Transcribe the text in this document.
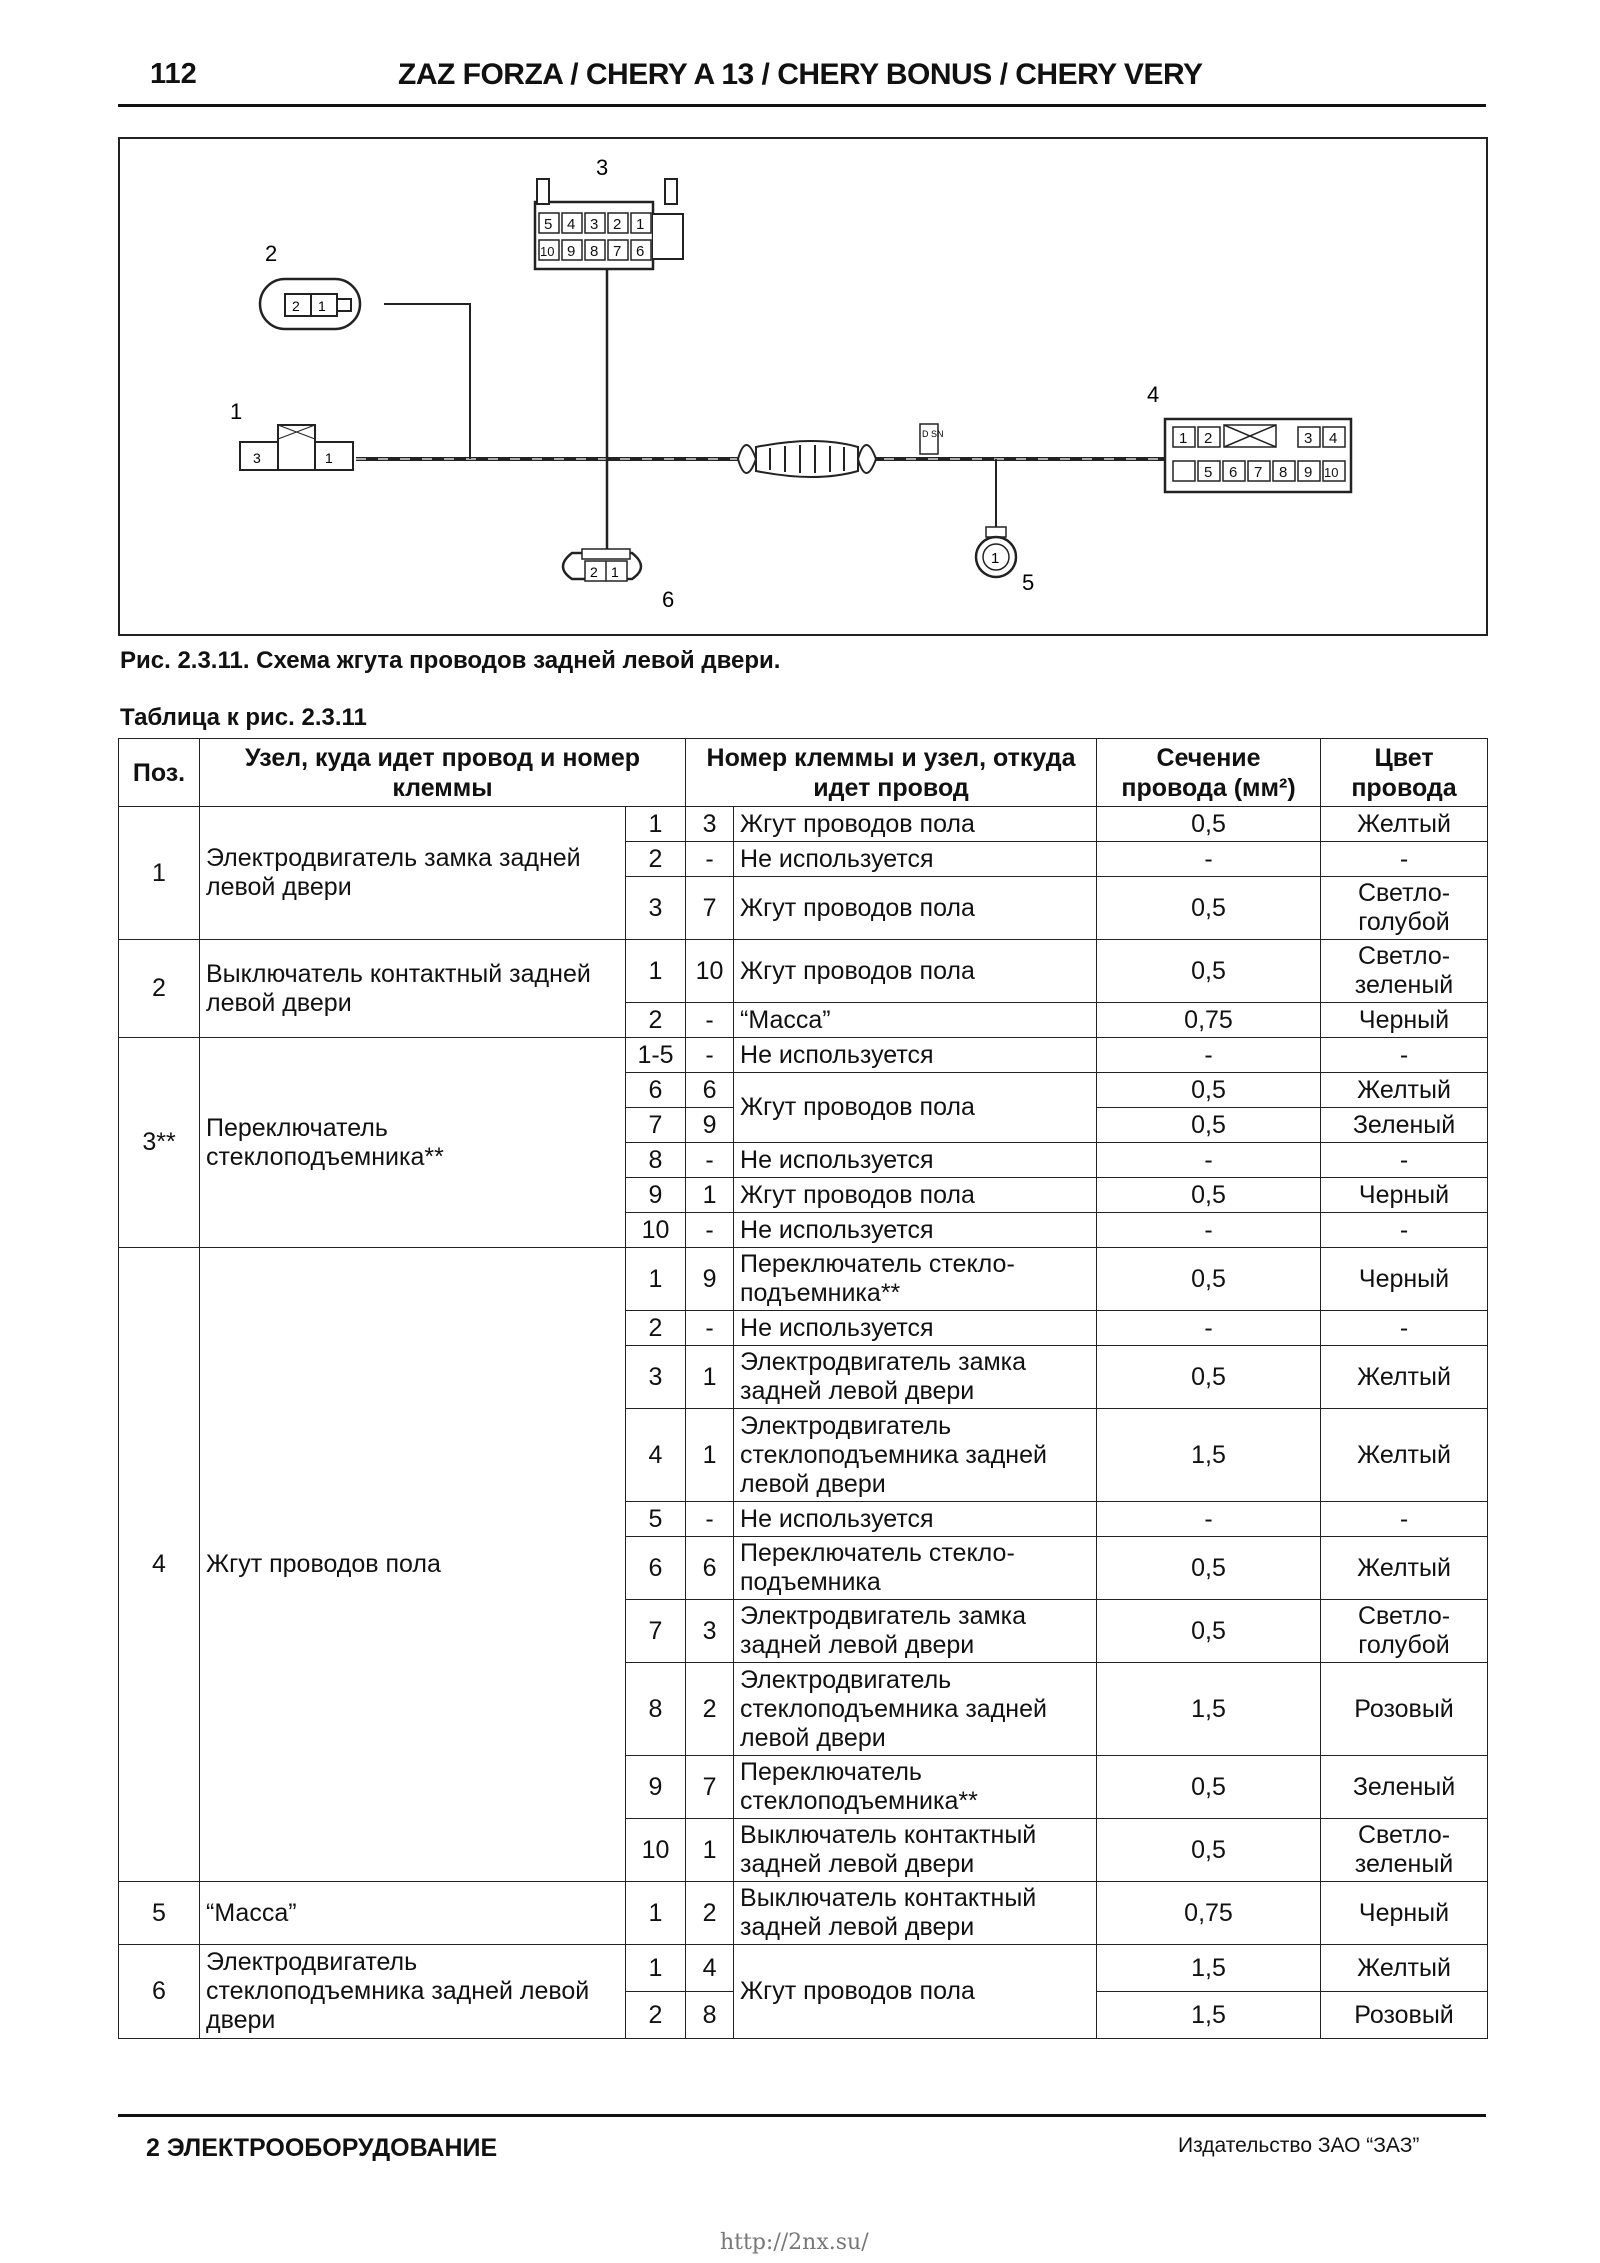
112	ZAZ FORZA / CHERY A 13 / CHERY BONUS / CHERY VERY
3	1
1
2 1
2
5 4 3 2 1
10 9 8 7 6
3
D SN	1 2	3 4
5 6 7 8 9 10
4
1
5
2 1
6
Рис. 2.3.11. Схема жгута проводов задней левой двери.
Таблица к рис. 2.3.11
Поз.	Узел, куда идет провод и номер клеммы		Номер клеммы и узел, откуда идет провод		Сечение провода (мм²)	Цвет провода
1	Электродвигатель замка задней левой двери	1	3	Жгут проводов пола	0,5	Желтый
		2	-	Не используется	-	-
		3	7	Жгут проводов пола	0,5	Светло-голубой
2	Выключатель контактный задней левой двери	1	10	Жгут проводов пола	0,5	Светло-зеленый
		2	-	“Масса”	0,75	Черный
3**	Переключатель стеклоподъемника**	1-5	-	Не используется	-	-
		6	6	Жгут проводов пола	0,5	Желтый
		7	9		0,5	Зеленый
		8	-	Не используется	-	-
		9	1	Жгут проводов пола	0,5	Черный
		10	-	Не используется	-	-
4	Жгут проводов пола	1	9	Переключатель стекло-подъемника**	0,5	Черный
		2	-	Не используется	-	-
		3	1	Электродвигатель замка задней левой двери	0,5	Желтый
		4	1	Электродвигатель стеклоподъемника задней левой двери	1,5	Желтый
		5	-	Не используется	-	-
		6	6	Переключатель стекло-подъемника	0,5	Желтый
		7	3	Электродвигатель замка задней левой двери	0,5	Светло-голубой
		8	2	Электродвигатель стеклоподъемника задней левой двери	1,5	Розовый
		9	7	Переключатель стеклоподъемника**	0,5	Зеленый
		10	1	Выключатель контактный задней левой двери	0,5	Светло-зеленый
5	“Масса”	1	2	Выключатель контактный задней левой двери	0,75	Черный
6	Электродвигатель стеклоподъемника задней левой двери	1	4	Жгут проводов пола	1,5	Желтый
		2	8		1,5	Розовый
2 ЭЛЕКТРООБОРУДОВАНИЕ	Издательство ЗАО “ЗАЗ”
http://2nx.su/
